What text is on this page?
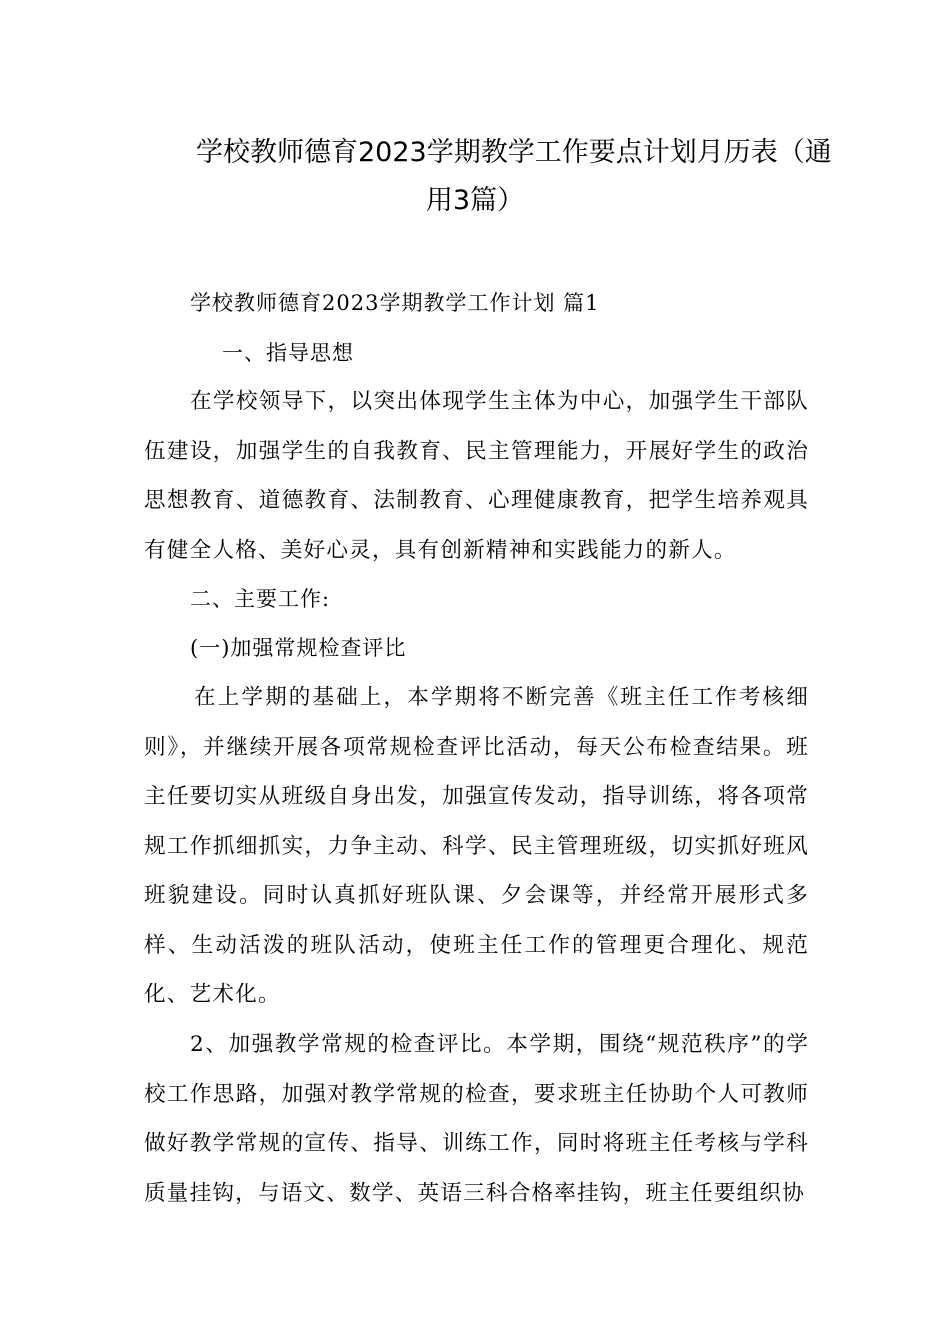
学校教师德育2023学期教学工作要点计划月历表（通
用3篇）
学校教师德育2023学期教学工作计划 篇1
一、指导思想
在学校领导下，以突出体现学生主体为中心，加强学生干部队伍建设，加强学生的自我教育、民主管理能力，开展好学生的政治思想教育、道德教育、法制教育、心理健康教育，把学生培养观具有健全人格、美好心灵，具有创新精神和实践能力的新人。
二、主要工作:
(一)加强常规检查评比
在上学期的基础上，本学期将不断完善《班主任工作考核细则》，并继续开展各项常规检查评比活动，每天公布检查结果。班主任要切实从班级自身出发，加强宣传发动，指导训练，将各项常规工作抓细抓实，力争主动、科学、民主管理班级，切实抓好班风班貌建设。同时认真抓好班队课、夕会课等，并经常开展形式多样、生动活泼的班队活动，使班主任工作的管理更合理化、规范化、艺术化。
2、加强教学常规的检查评比。本学期，围绕“规范秩序”的学校工作思路，加强对教学常规的检查，要求班主任协助个人可教师做好教学常规的宣传、指导、训练工作，同时将班主任考核与学科质量挂钩，与语文、数学、英语三科合格率挂钩，班主任要组织协
